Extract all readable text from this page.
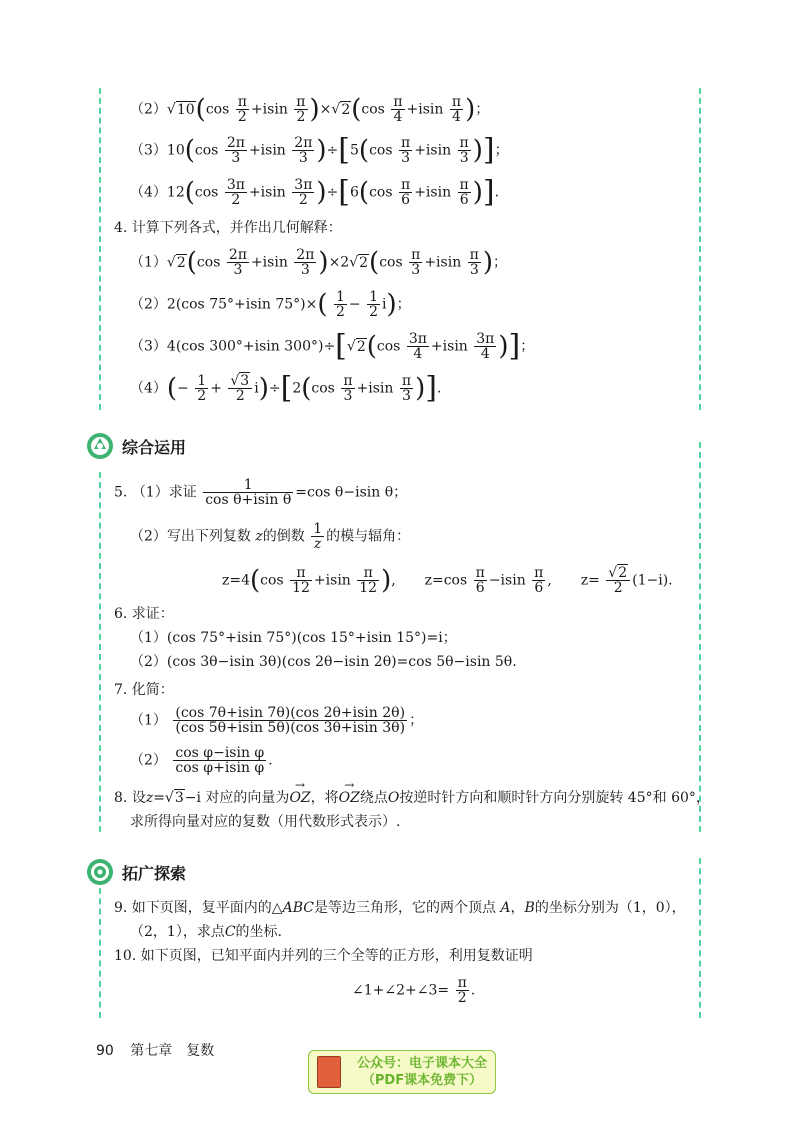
$(2)√10(\cos \frac{\pi}{2} +isin \frac{\pi}{2} )\times√2(\cos \frac{\pi}{4} +isin \frac{\pi}{4}$ )；
$(3)10(\cos \frac{2\pi}{3} +isin \frac{2\pi}{3} )\div[5(\cos \frac{\pi}{3} +isin \frac{\pi}{3}$ )]；
$(4)12(\cos \frac{3\pi}{2} +isin \frac{3\pi}{2} )\div[6(\cos \frac{\pi}{6} +isin \frac{\pi}{6}$ )].
4. 计算下列各式，并作出几何解释：
$(1)√2(\cos \frac{2\pi}{3} +isin \frac{2\pi}{3} )\times 2√2(\cos \frac{\pi}{3} +isin \frac{\pi}{3}$ )；
（2）2(cos 75°+isin $75^\circ)\times( \frac{1}{2} - \frac{1}{2} i)$；
（3）4(cos 300°+isin $300^\circ)\div[√2(\cos \frac{3\pi}{4} +isin \frac{3\pi}{4}$ )]；
$(4)(- \frac{1}{2} + \frac{√3}{2} i)\div[2(\cos \frac{\pi}{3} +isin \frac{\pi}{3}$ )].
综合运用
5. （1）求证 $\frac{1}{\text{cos θ+isin θ}} =\cos$ θ−isin θ；
（2）写出下列复数 z的倒数 $\frac{1}{z}$ 的模与辐角：
$z=4(\cos \frac{\pi}{12} +isin \frac{\pi}{12}$ ),  $z=\cos \frac{\pi}{6} -isin \frac{\pi}{6}$ ,  $z= \frac{√2}{2} (1-i)$.
6. 求证：
（1）(cos 75°+isin 75°)(cos 15°+isin 15°)=i；
（2）(cos 3θ−isin 3θ)(cos 2θ−isin 2θ)=cos 5θ−isin 5θ.
7. 化简：
$(1) \frac{(\cos 7\theta+isin 7\theta)(\cos 2\theta+isin 2\theta)}{(\cos 5\theta+isin 5\theta)(\cos 3\theta+isin 3\theta)}$ ；
$(2) \frac{\text{cos φ−isin φ}}{\text{cos φ+isin φ}}$ .
8. 设z=√3−i 对应的向量为→ OZ，将→ OZ绕点O按逆时针方向和顺时针方向分别旋转 45°和 60°，
求所得向量对应的复数（用代数形式表示）.
拓广探索
9. 如下页图，复平面内的△ABC是等边三角形，它的两个顶点 A，B的坐标分别为（1，0），
（2，1），求点C的坐标.
10. 如下页图，已知平面内并列的三个全等的正方形，利用复数证明
∠1+∠2+∠3= $\frac{\pi}{2}$ .
90 第七章　复数
公众号：电子课本大全
（PDF课本免费下）
